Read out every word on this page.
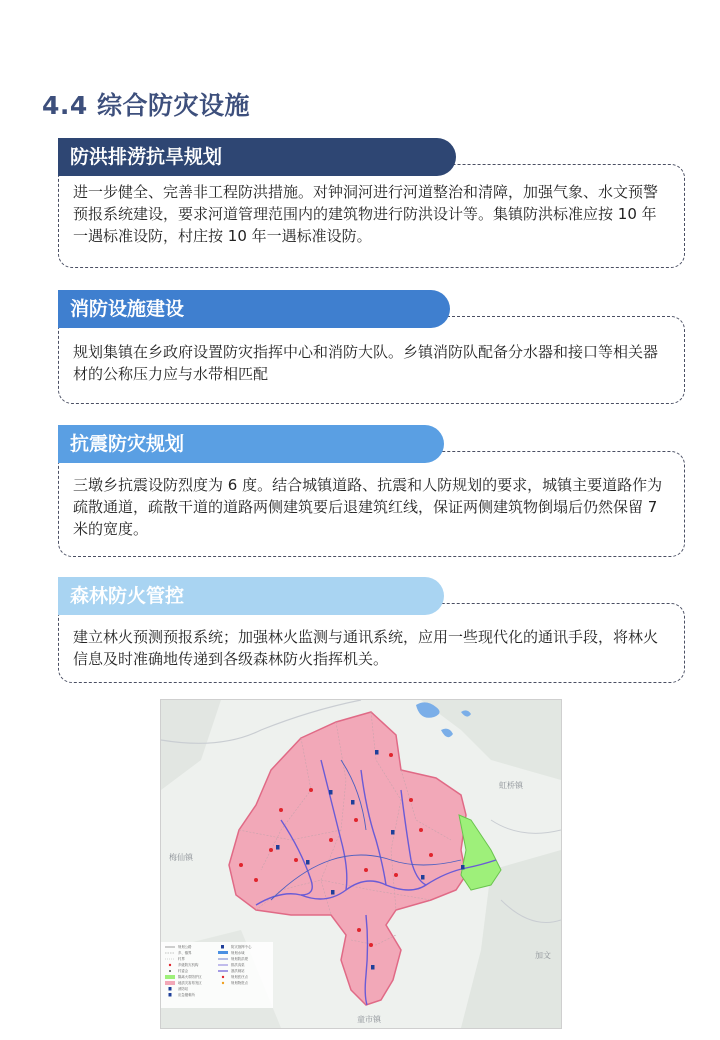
4.4 综合防灾设施

进一步健全、完善非工程防洪措施。对钟洞河进行河道整治和清障，加强气象、水文预警预报系统建设，要求河道管理范围内的建筑物进行防洪设计等。集镇防洪标准应按 10 年一遇标准设防，村庄按 10 年一遇标准设防。

防洪排涝抗旱规划

规划集镇在乡政府设置防灾指挥中心和消防大队。乡镇消防队配备分水器和接口等相关器材的公称压力应与水带相匹配

消防设施建设

三墩乡抗震设防烈度为 6 度。结合城镇道路、抗震和人防规划的要求，城镇主要道路作为疏散通道，疏散干道的道路两侧建筑要后退建筑红线，保证两侧建筑物倒塌后仍然保留 7 米的宽度。

抗震防灾规划

建立林火预测预报系统；加强林火监测与通讯系统，应用一些现代化的通讯手段，将林火信息及时准确地传递到各级森林防火指挥机关。

森林防火管控
虹桥镇
梅仙镇
加文
童市镇
规划公路
乡、镇界
村界
乡级防灾机构
村委会
隔离火带防护区
地质灾害易发区
消防站
应急避难所
防灾指挥中心
规划水域
规划防洪堤
排洪沟渠
泄洪闸站
规划医疗点
规划物资点
